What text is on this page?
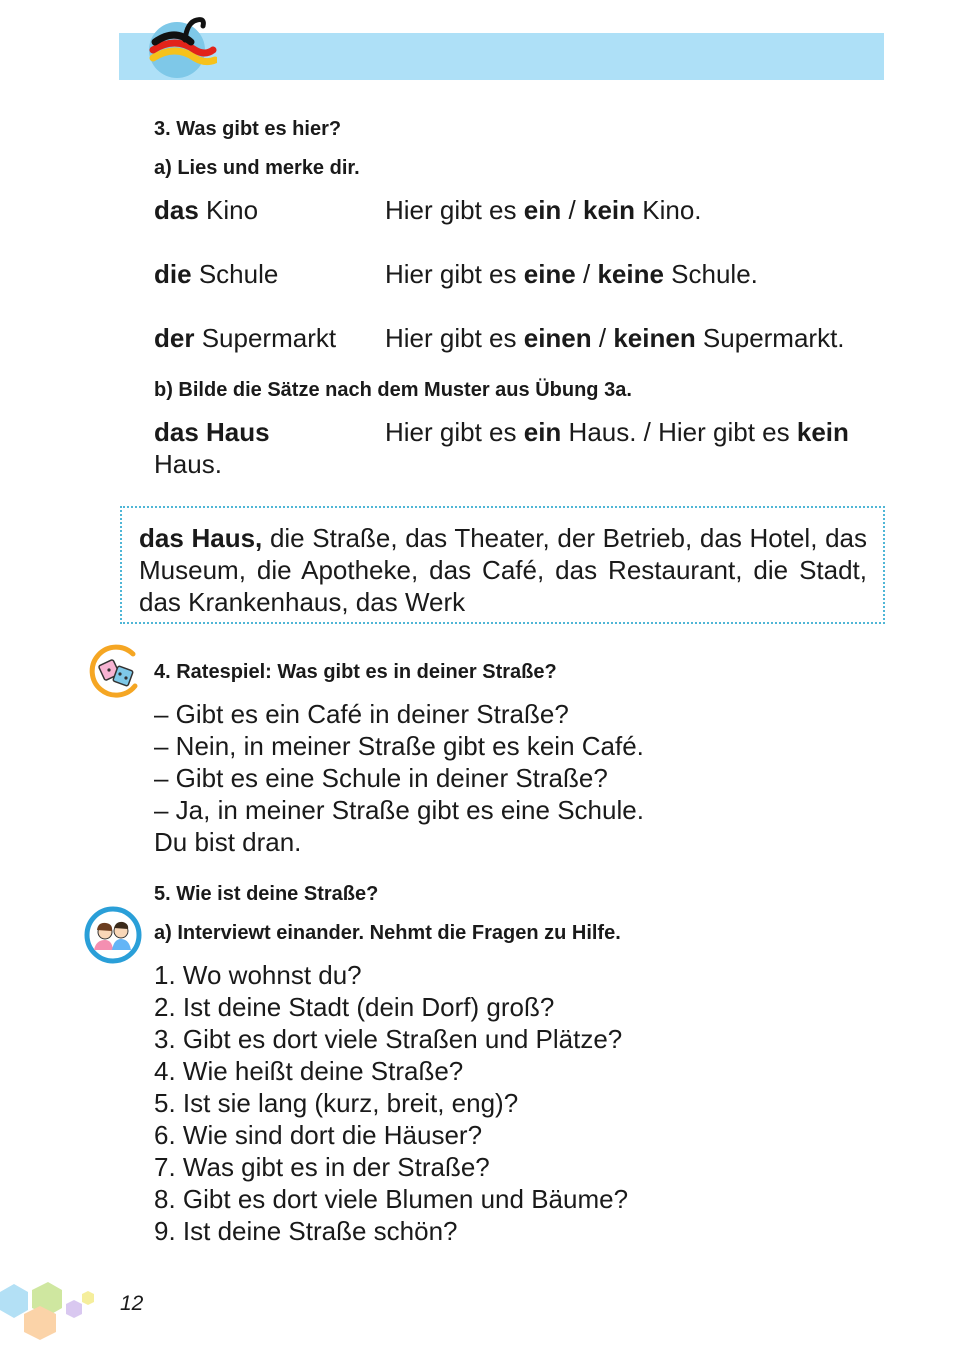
3. Was gibt es hier?
a) Lies und merke dir.
das Kino	Hier gibt es ein / kein Kino.
die Schule	Hier gibt es eine / keine Schule.
der Supermarkt Hier gibt es einen / keinen Supermarkt.
b) Bilde die Sätze nach dem Muster aus Übung 3a.
das Haus	Hier gibt es ein Haus. / Hier gibt es kein
Haus.
das Haus, die Straße, das Theater, der Betrieb, das Hotel, das Museum, die Apotheke, das Café, das Restaurant, die Stadt, das Krankenhaus, das Werk
4. Ratespiel: Was gibt es in deiner Straße?
– Gibt es ein Café in deiner Straße?
– Nein, in meiner Straße gibt es kein Café.
– Gibt es eine Schule in deiner Straße?
– Ja, in meiner Straße gibt es eine Schule.
Du bist dran.
5. Wie ist deine Straße?
a) Interviewt einander. Nehmt die Fragen zu Hilfe.
1. Wo wohnst du?
2. Ist deine Stadt (dein Dorf) groß?
3. Gibt es dort viele Straßen und Plätze?
4. Wie heißt deine Straße?
5. Ist sie lang (kurz, breit, eng)?
6. Wie sind dort die Häuser?
7. Was gibt es in der Straße?
8. Gibt es dort viele Blumen und Bäume?
9. Ist deine Straße schön?
12
